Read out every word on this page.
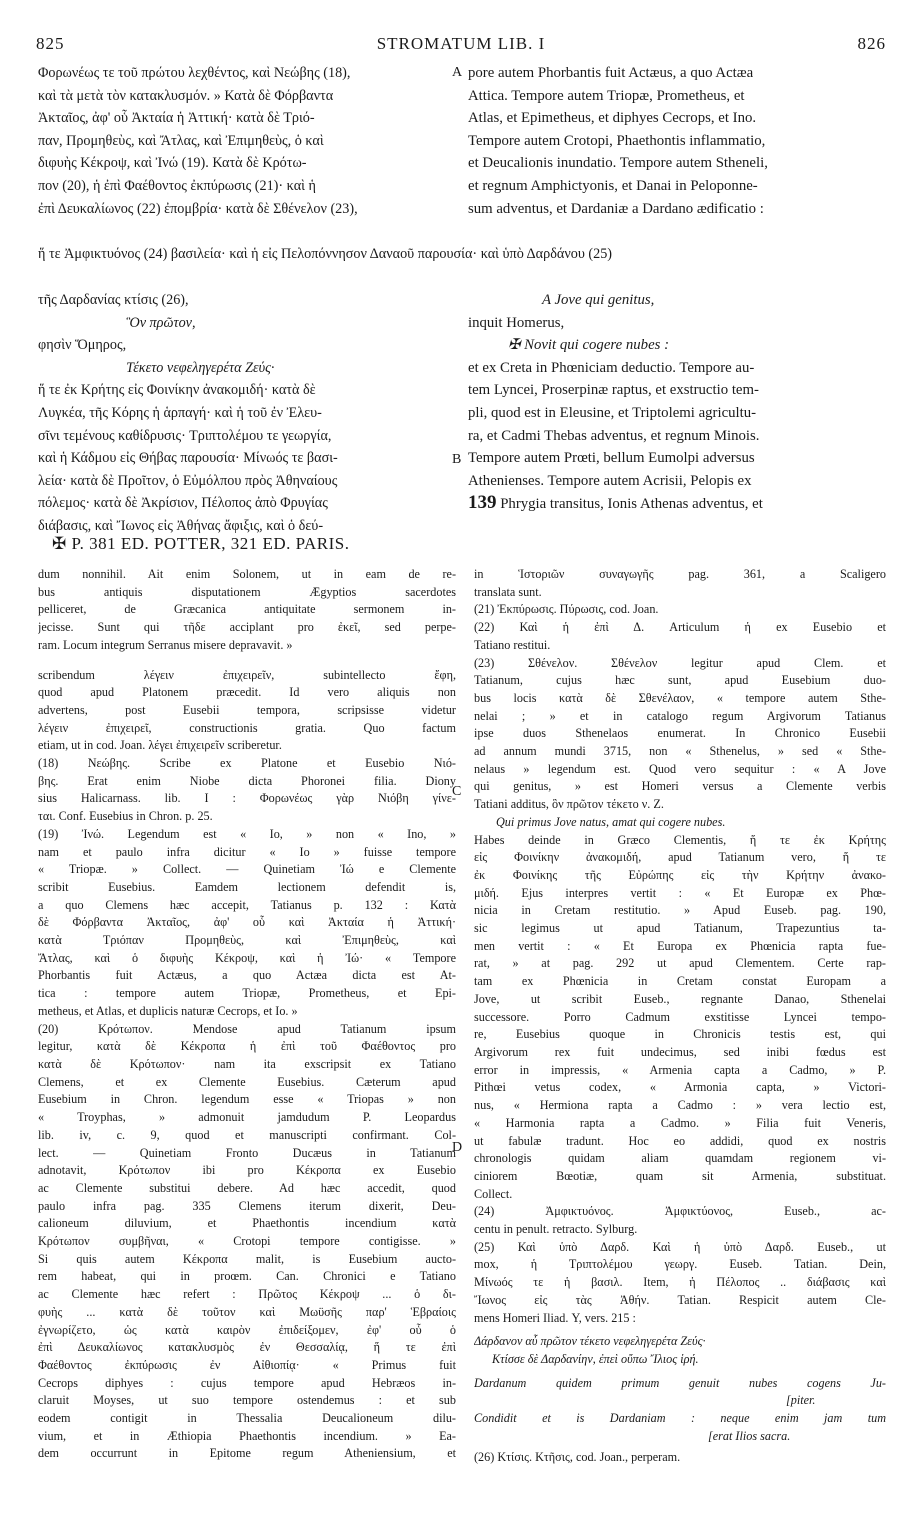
825	STROMATUM LIB. I	826
Φορωνέως τε τοῦ πρώτου λεχθέντος, καὶ Νεώβης (18),
καὶ τὰ μετὰ τὸν κατακλυσμόν. » Κατὰ δὲ Φόρβαντα
Ἀκταῖος, ἀφ' οὗ Ἀκταία ἡ Ἀττική· κατὰ δὲ Τριό-
παν, Προμηθεὺς, καὶ Ἄτλας, καὶ Ἐπιμηθεὺς, ὁ καὶ
διφυὴς Κέκροψ, καὶ Ἰνώ (19). Κατὰ δὲ Κρότω-
πον (20), ἡ ἐπὶ Φαέθοντος ἐκπύρωσις (21)· καὶ ἡ
ἐπὶ Δευκαλίωνος (22) ἐπομβρία· κατὰ δὲ Σθένελον (23),
A pore autem Phorbantis fuit Actæus, a quo Actæa
Attica. Tempore autem Triopæ, Prometheus, et
Atlas, et Epimetheus, et diphyes Cecrops, et Ino.
Tempore autem Crotopi, Phaethontis inflammatio,
et Deucalionis inundatio. Tempore autem Stheneli,
et regnum Amphictyonis, et Danai in Peloponne-
sum adventus, et Dardaniæ a Dardano ædificatio :
ἥ τε Ἀμφικτυόνος (24) βασιλεία· καὶ ἡ εἰς Πελοπόννησον Δαναοῦ παρουσία· καὶ ὑπὸ Δαρδάνου (25)
τῆς Δαρδανίας κτίσις (26),
Ὃν πρῶτον,
φησὶν Ὅμηρος,
Τέκετο νεφεληγερέτα Ζεύς·
ἥ τε ἐκ Κρήτης εἰς Φοινίκην ἀνακομιδή· κατὰ δὲ
Λυγκέα, τῆς Κόρης ἡ ἁρπαγή· καὶ ἡ τοῦ ἐν Ἐλευ-
σῖνι τεμένους καθίδρυσις· Τριπτολέμου τε γεωργία,
καὶ ἡ Κάδμου εἰς Θήβας παρουσία· Μίνωός τε βασι-
λεία· κατὰ δὲ Προῖτον, ὁ Εὐμόλπου πρὸς Ἀθηναίους
πόλεμος· κατὰ δὲ Ἀκρίσιον, Πέλοπος ἀπὸ Φρυγίας
διάβασις, καὶ Ἴωνος εἰς Ἀθήνας ἄφιξις, καὶ ὁ δεύ-
B
A Jove qui genitus,
inquit Homerus,
✠ Novit qui cogere nubes :
et ex Creta in Phœniciam deductio. Tempore au-
tem Lyncei, Proserpinæ raptus, et exstructio tem-
pli, quod est in Eleusine, et Triptolemi agricultu-
ra, et Cadmi Thebas adventus, et regnum Minois.
Tempore autem Prœti, bellum Eumolpi adversus
Athenienses. Tempore autem Acrisii, Pelopis ex
139 Phrygia transitus, Ionis Athenas adventus, et
✠ P. 381 ED. POTTER, 321 ED. PARIS.
dum nonnihil. Ait enim Solonem, ut in eam de re-
bus antiquis disputationem Ægyptios sacerdotes
pelliceret, de Græcanica antiquitate sermonem in-
jecisse. Sunt qui τῆδε acciplant pro ἐκεῖ, sed perpe-
ram. Locum integrum Serranus misere depravavit. »
scribendum λέγειν ἐπιχειρεῖν, subintellecto ἔφη,
quod apud Platonem præcedit. Id vero aliquis non
advertens, post Eusebii tempora, scripsisse videtur
λέγειν ἐπιχειρεῖ, constructionis gratia. Quo factum
etiam, ut in cod. Joan. λέγει ἐπιχειρεῖν scriberetur.
(18) Νεώβης. Scribe ex Platone et Eusebio Νιό-
βης. Erat enim Niobe dicta Phoronei filia. Diony
sius Halicarnass. lib. I : Φορωνέως γὰρ Νιόβη γίνε-
ται. Conf. Eusebius in Chron. p. 25.
(19) Ἰνώ. Legendum est « Io, » non « Ino, »
nam et paulo infra dicitur « Io » fuisse tempore
« Triopæ. » Collect. — Quinetiam Ἰώ e Clemente
scribit Eusebius. Eamdem lectionem defendit is,
a quo Clemens hæc accepit, Tatianus p. 132 : Κατὰ
δὲ Φόρβαντα Ἀκταῖος, ἀφ' οὗ καὶ Ἀκταία ἡ Ἀττική·
κατὰ Τριόπαν Προμηθεὺς, καὶ Ἐπιμηθεὺς, καὶ
Ἄτλας, καὶ ὁ διφυὴς Κέκροψ, καὶ ἡ Ἰώ· « Tempore
Phorbantis fuit Actæus, a quo Actæa dicta est At-
tica : tempore autem Triopæ, Prometheus, et Epi-
metheus, et Atlas, et duplicis naturæ Cecrops, et Io. »
(20) Κρότωπον. Mendose apud Tatianum ipsum
legitur, κατὰ δὲ Κέκροπα ἡ ἐπὶ τοῦ Φαέθοντος pro
κατὰ δὲ Κρότωπον· nam ita exscripsit ex Tatiano
Clemens, et ex Clemente Eusebius. Cæterum apud
Eusebium in Chron. legendum esse « Triopas » non
« Troyphas, » admonuit jamdudum P. Leopardus
lib. iv, c. 9, quod et manuscripti confirmant. Col-
lect. — Quinetiam Fronto Ducæus in Tatianum
adnotavit, Κρότωπον ibi pro Κέκροπα ex Eusebio
ac Clemente substitui debere. Ad hæc accedit, quod
paulo infra pag. 335 Clemens iterum dixerit, Deu-
calioneum diluvium, et Phaethontis incendium κατὰ
Κρότωπον συμβῆναι, « Crotopi tempore contigisse. »
Si quis autem Κέκροπα malit, is Eusebium aucto-
rem habeat, qui in proœm. Can. Chronici e Tatiano
ac Clemente hæc refert : Πρῶτος Κέκροψ ... ὁ δι-
φυὴς ... κατὰ δὲ τοῦτον καὶ Μωϋσῆς παρ' Ἑβραίοις
ἐγνωρίζετο, ὡς κατὰ καιρὸν ἐπιδείξομεν, ἐφ' οὗ ὁ
ἐπὶ Δευκαλίωνος κατακλυσμὸς ἐν Θεσσαλίᾳ, ἥ τε ἐπὶ
Φαέθοντος ἐκπύρωσις ἐν Αἰθιοπίᾳ· « Primus fuit
Cecrops diphyes : cujus tempore apud Hebræos in-
claruit Moyses, ut suo tempore ostendemus : et sub
eodem contigit in Thessalia Deucalioneum dilu-
vium, et in Æthiopia Phaethontis incendium. » Ea-
dem occurrunt in Epitome regum Atheniensium, et
C
D
in Ἱστοριῶν συναγωγῆς pag. 361, a Scaligero
translata sunt.
(21) Ἐκπύρωσις. Πύρωσις, cod. Joan.
(22) Καὶ ἡ ἐπὶ Δ. Articulum ἡ ex Eusebio et
Tatiano restitui.
(23) Σθένελον. Σθένελον legitur apud Clem. et
Tatianum, cujus hæc sunt, apud Eusebium duo-
bus locis κατὰ δὲ Σθενέλαον, « tempore autem Sthe-
nelai ; » et in catalogo regum Argivorum Tatianus
ipse duos Sthenelaos enumerat. In Chronico Eusebii
ad annum mundi 3715, non « Sthenelus, » sed « Sthe-
nelaus » legendum est. Quod vero sequitur : « A Jove
qui genitus, » est Homeri versus a Clemente verbis
Tatiani additus, ὃν πρῶτον τέκετο ν. Ζ.
Qui primus Jove natus, amat qui cogere nubes.
Habes deinde in Græco Clementis, ἥ τε ἐκ Κρήτης
εἰς Φοινίκην ἀνακομιδή, apud Tatianum vero, ἥ τε
ἐκ Φοινίκης τῆς Εὐρώπης εἰς τὴν Κρήτην ἀνακο-
μιδή. Ejus interpres vertit : « Et Europæ ex Phœ-
nicia in Cretam restitutio. » Apud Euseb. pag. 190,
sic legimus ut apud Tatianum, Trapezuntius ta-
men vertit : « Et Europa ex Phœnicia rapta fue-
rat, » at pag. 292 ut apud Clementem. Certe rap-
tam ex Phœnicia in Cretam constat Europam a
Jove, ut scribit Euseb., regnante Danao, Sthenelai
successore. Porro Cadmum exstitisse Lyncei tempo-
re, Eusebius quoque in Chronicis testis est, qui
Argivorum rex fuit undecimus, sed inibi fœdus est
error in impressis, « Armenia capta a Cadmo, » P.
Pithœi vetus codex, « Armonia capta, » Victori-
nus, « Hermiona rapta a Cadmo : » vera lectio est,
« Harmonia rapta a Cadmo. » Filia fuit Veneris,
ut fabulæ tradunt. Hoc eo addidi, quod ex nostris
chronologis quidam aliam quamdam regionem vi-
ciniorem Bœotiæ, quam sit Armenia, substituat.
Collect.
(24) Ἀμφικτυόνος. Ἀμφικτύονος, Euseb., ac-
centu in penult. retracto. Sylburg.
(25) Καὶ ὑπὸ Δαρδ. Καὶ ἡ ὑπὸ Δαρδ. Euseb., ut
mox, ἡ Τριπτολέμου γεωργ. Euseb. Tatian. Dein,
Μίνωός τε ἡ βασιλ. Item, ἡ Πέλοπος .. διάβασις καὶ
Ἴωνος εἰς τὰς Ἀθήν. Tatian. Respicit autem Cle-
mens Homeri Iliad. Υ, vers. 215 :
Δάρδανον αὖ πρῶτον τέκετο νεφεληγερέτα Ζεύς·
Κτίσσε δὲ Δαρδανίην, ἐπεὶ οὔπω Ἴλιος ἱρή.
Dardanum quidem primum genuit nubes cogens Ju-
[piter.
Condidit et is Dardaniam : neque enim jam tum
[erat Ilios sacra.
(26) Κτίσις. Κτῆσις, cod. Joan., perperam.
